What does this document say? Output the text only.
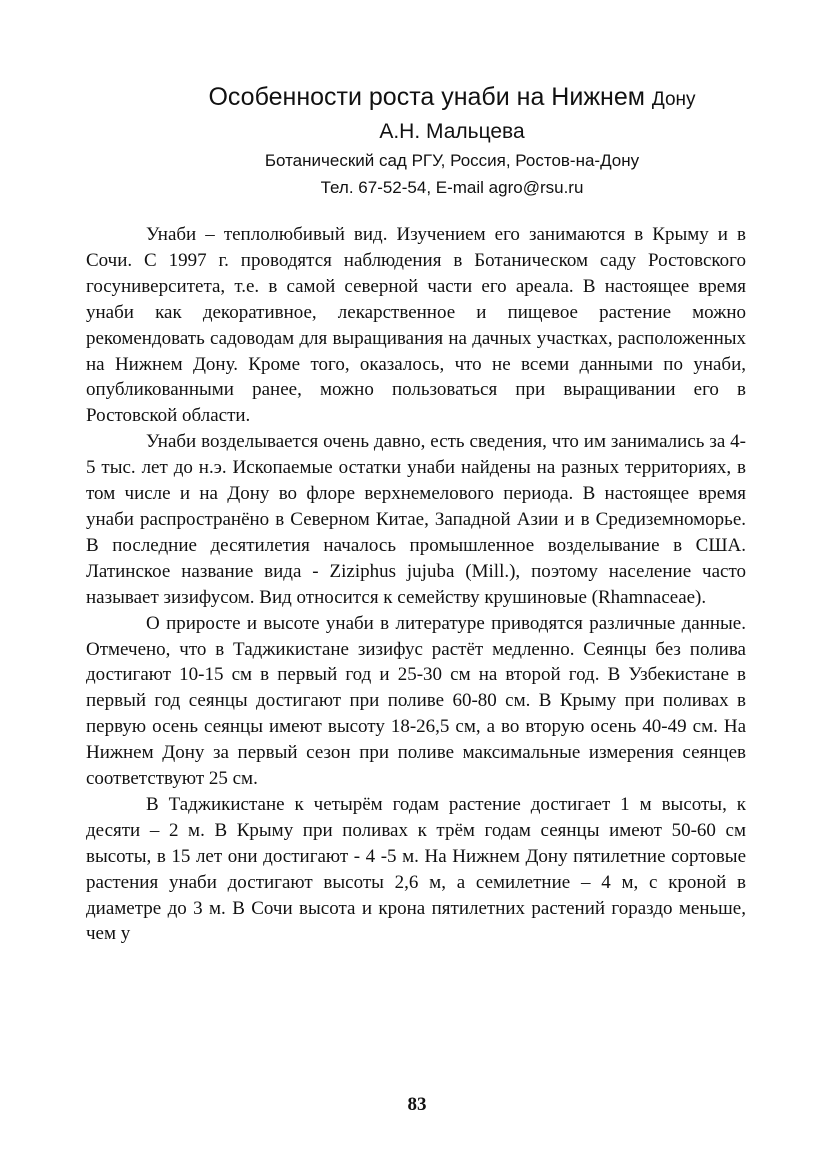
Особенности роста унаби на Нижнем Дону
А.Н. Мальцева
Ботанический сад РГУ, Россия, Ростов-на-Дону
Тел. 67-52-54, E-mail agro@rsu.ru

Унаби – теплолюбивый вид. Изучением его занимаются в Крыму и в Сочи. С 1997 г. проводятся наблюдения в Ботаническом саду Ростовского госуниверситета, т.е. в самой северной части его ареала. В настоящее время унаби как декоративное, лекарственное и пищевое растение можно рекомендовать садоводам для выращивания на дачных участках, расположенных на Нижнем Дону. Кроме того, оказалось, что не всеми данными по унаби, опубликованными ранее, можно пользоваться при выращивании его в Ростовской области.

Унаби возделывается очень давно, есть сведения, что им занимались за 4-5 тыс. лет до н.э. Ископаемые остатки унаби найдены на разных территориях, в том числе и на Дону во флоре верхнемелового периода. В настоящее время унаби распространёно в Северном Китае, Западной Азии и в Средиземноморье. В последние десятилетия началось промышленное возделывание в США. Латинское название вида - Ziziphus jujuba (Mill.), поэтому население часто называет зизифусом. Вид относится к семейству крушиновые (Rhamnaceae).

О приросте и высоте унаби в литературе приводятся различные данные. Отмечено, что в Таджикистане зизифус растёт медленно. Сеянцы без полива достигают 10-15 см в первый год и 25-30 см на второй год. В Узбекистане в первый год сеянцы достигают при поливе 60-80 см. В Крыму при поливах в первую осень сеянцы имеют высоту 18-26,5 см, а во вторую осень 40-49 см. На Нижнем Дону за первый сезон при поливе максимальные измерения сеянцев соответствуют 25 см.

В Таджикистане к четырём годам растение достигает 1 м высоты, к десяти – 2 м. В Крыму при поливах к трём годам сеянцы имеют 50-60 см высоты, в 15 лет они достигают - 4 -5 м. На Нижнем Дону пятилетние сортовые растения унаби достигают высоты 2,6 м, а семилетние – 4 м, с кроной в диаметре до 3 м. В Сочи высота и крона пятилетних растений гораздо меньше, чем у

83
